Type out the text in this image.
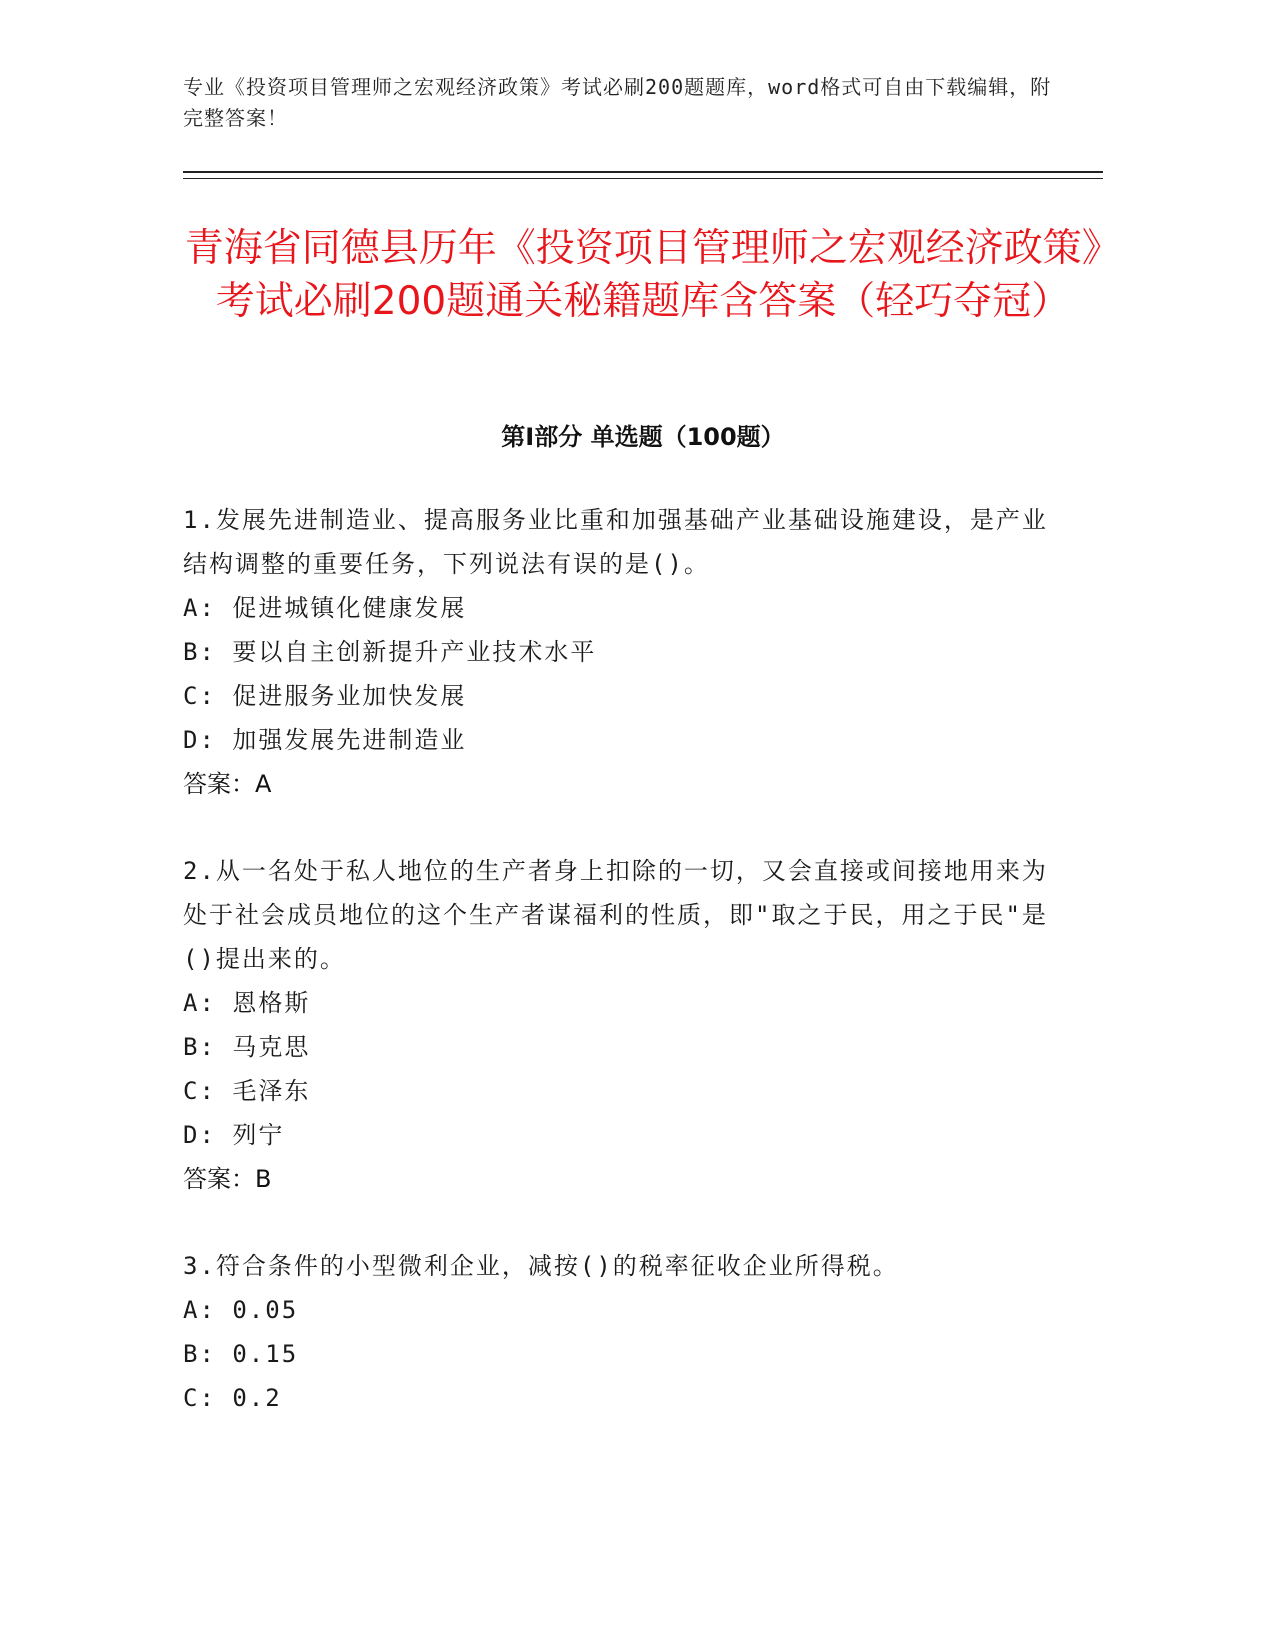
专业《投资项目管理师之宏观经济政策》考试必刷200题题库，word格式可自由下载编辑，附完整答案！
青海省同德县历年《投资项目管理师之宏观经济政策》考试必刷200题通关秘籍题库含答案（轻巧夺冠）
第I部分 单选题（100题）
1.发展先进制造业、提高服务业比重和加强基础产业基础设施建设，是产业结构调整的重要任务，下列说法有误的是()。
A: 促进城镇化健康发展
B: 要以自主创新提升产业技术水平
C: 促进服务业加快发展
D: 加强发展先进制造业
答案：A
2.从一名处于私人地位的生产者身上扣除的一切，又会直接或间接地用来为处于社会成员地位的这个生产者谋福利的性质，即"取之于民，用之于民"是()提出来的。
A: 恩格斯
B: 马克思
C: 毛泽东
D: 列宁
答案：B
3.符合条件的小型微利企业，减按()的税率征收企业所得税。
A: 0.05
B: 0.15
C: 0.2
